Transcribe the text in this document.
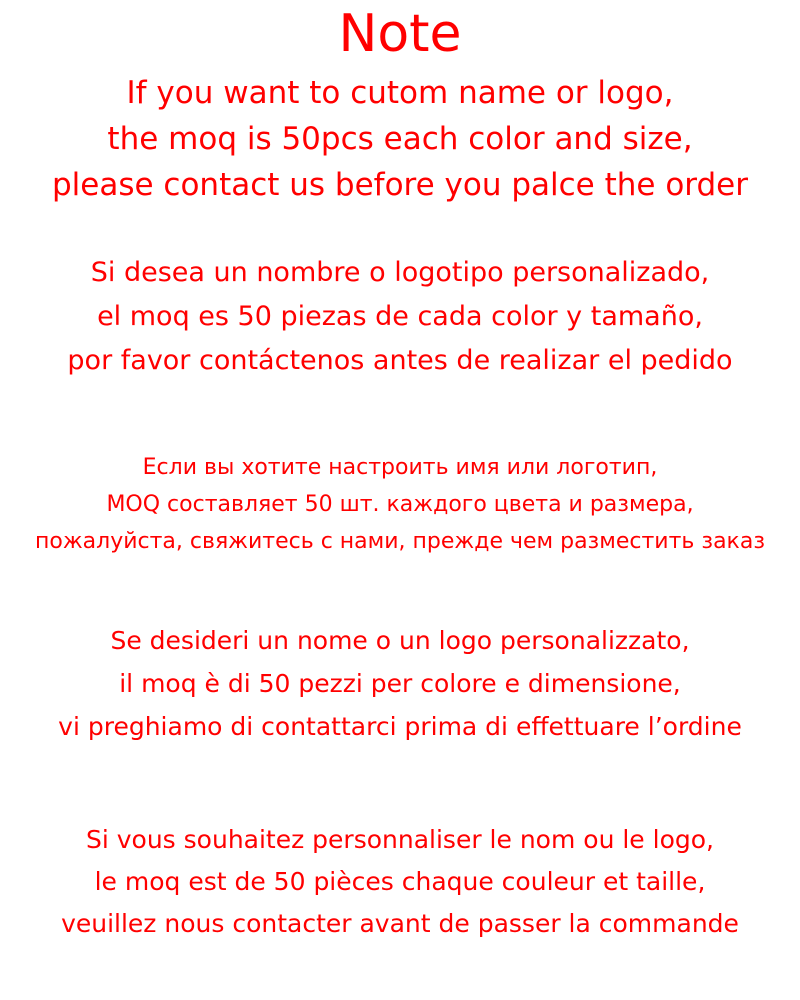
Note
If you want to cutom name or logo,
the moq is 50pcs each color and size,
please contact us before you palce the order
Si desea un nombre o logotipo personalizado,
el moq es 50 piezas de cada color y tamaño,
por favor contáctenos antes de realizar el pedido
Если вы хотите настроить имя или логотип,
MOQ составляет 50 шт. каждого цвета и размера,
пожалуйста, свяжитесь с нами, прежде чем разместить заказ
Se desideri un nome o un logo personalizzato,
il moq è di 50 pezzi per colore e dimensione,
vi preghiamo di contattarci prima di effettuare l’ordine
Si vous souhaitez personnaliser le nom ou le logo,
le moq est de 50 pièces chaque couleur et taille,
veuillez nous contacter avant de passer la commande
